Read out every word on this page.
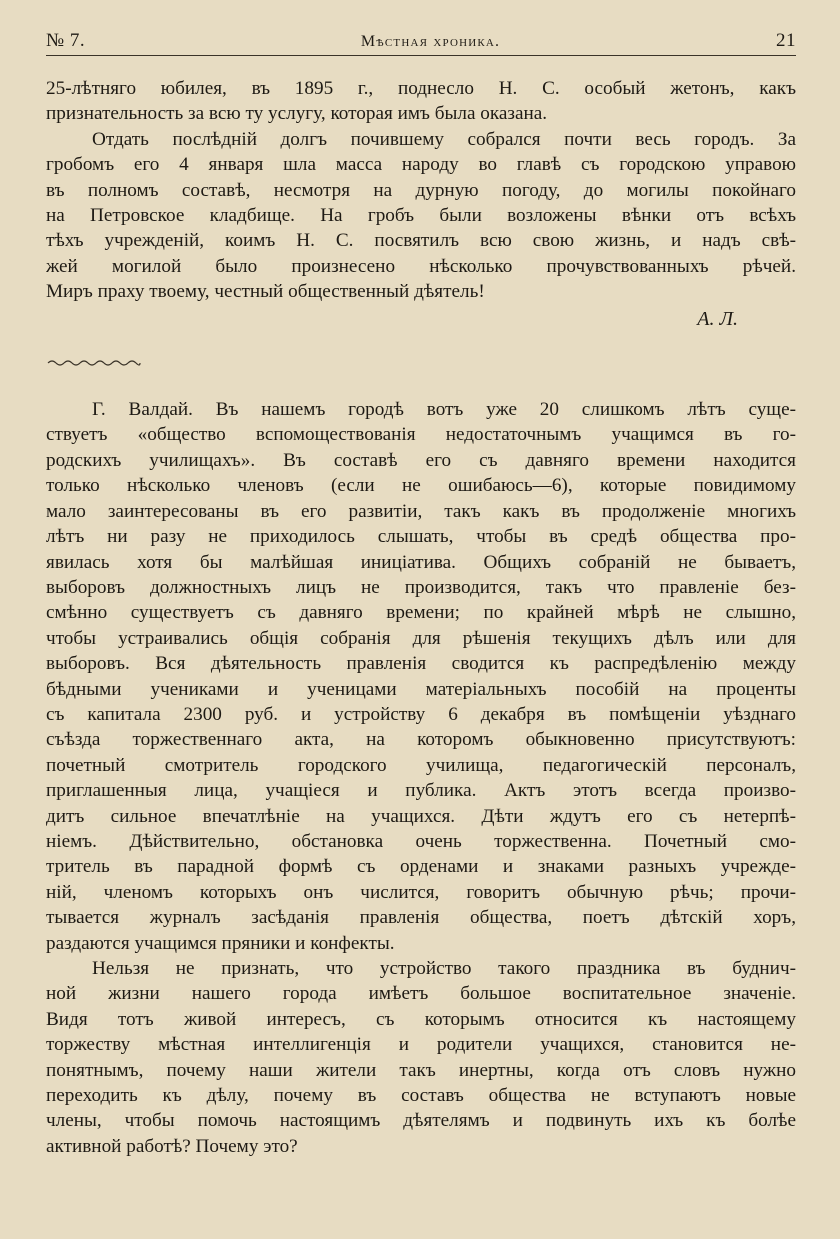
№ 7.	Мѣстная хроника.	21
25-лѣтняго юбилея, въ 1895 г., поднесло Н. С. особый жетонъ, какъ
признательность за всю ту услугу, которая имъ была оказана.
Отдать послѣдній долгъ почившему собрался почти весь городъ. За
гробомъ его 4 января шла масса народу во главѣ съ городскою управою
въ полномъ составѣ, несмотря на дурную погоду, до могилы покойнаго
на Петровское кладбище. На гробъ были возложены вѣнки отъ всѣхъ
тѣхъ учрежденій, коимъ Н. С. посвятилъ всю свою жизнь, и надъ свѣ-
жей могилой было произнесено нѣсколько прочувствованныхъ рѣчей.
Миръ праху твоему, честный общественный дѣятель!
А. Л.
Г. Валдай. Въ нашемъ городѣ вотъ уже 20 слишкомъ лѣтъ суще-
ствуетъ «общество вспомоществованія недостаточнымъ учащимся въ го-
родскихъ училищахъ». Въ составѣ его съ давняго времени находится
только нѣсколько членовъ (если не ошибаюсь—6), которые повидимому
мало заинтересованы въ его развитіи, такъ какъ въ продолженіе многихъ
лѣтъ ни разу не приходилось слышать, чтобы въ средѣ общества про-
явилась хотя бы малѣйшая иниціатива. Общихъ собраній не бываетъ,
выборовъ должностныхъ лицъ не производится, такъ что правленіе без-
смѣнно существуетъ съ давняго времени; по крайней мѣрѣ не слышно,
чтобы устраивались общія собранія для рѣшенія текущихъ дѣлъ или для
выборовъ. Вся дѣятельность правленія сводится къ распредѣленію между
бѣдными учениками и ученицами матеріальныхъ пособій на проценты
съ капитала 2300 руб. и устройству 6 декабря въ помѣщеніи уѣзднаго
съѣзда торжественнаго акта, на которомъ обыкновенно присутствуютъ:
почетный смотритель городского училища, педагогическій персоналъ,
приглашенныя лица, учащіеся и публика. Актъ этотъ всегда произво-
дитъ сильное впечатлѣніе на учащихся. Дѣти ждутъ его съ нетерпѣ-
ніемъ. Дѣйствительно, обстановка очень торжественна. Почетный смо-
тритель въ парадной формѣ съ орденами и знаками разныхъ учрежде-
ній, членомъ которыхъ онъ числится, говоритъ обычную рѣчь; прочи-
тывается журналъ засѣданія правленія общества, поетъ дѣтскій хоръ,
раздаются учащимся пряники и конфекты.
Нельзя не признать, что устройство такого праздника въ буднич-
ной жизни нашего города имѣетъ большое воспитательное значеніе.
Видя тотъ живой интересъ, съ которымъ относится къ настоящему
торжеству мѣстная интеллигенція и родители учащихся, становится не-
понятнымъ, почему наши жители такъ инертны, когда отъ словъ нужно
переходить къ дѣлу, почему въ составъ общества не вступаютъ новые
члены, чтобы помочь настоящимъ дѣятелямъ и подвинуть ихъ къ болѣе
активной работѣ? Почему это?
